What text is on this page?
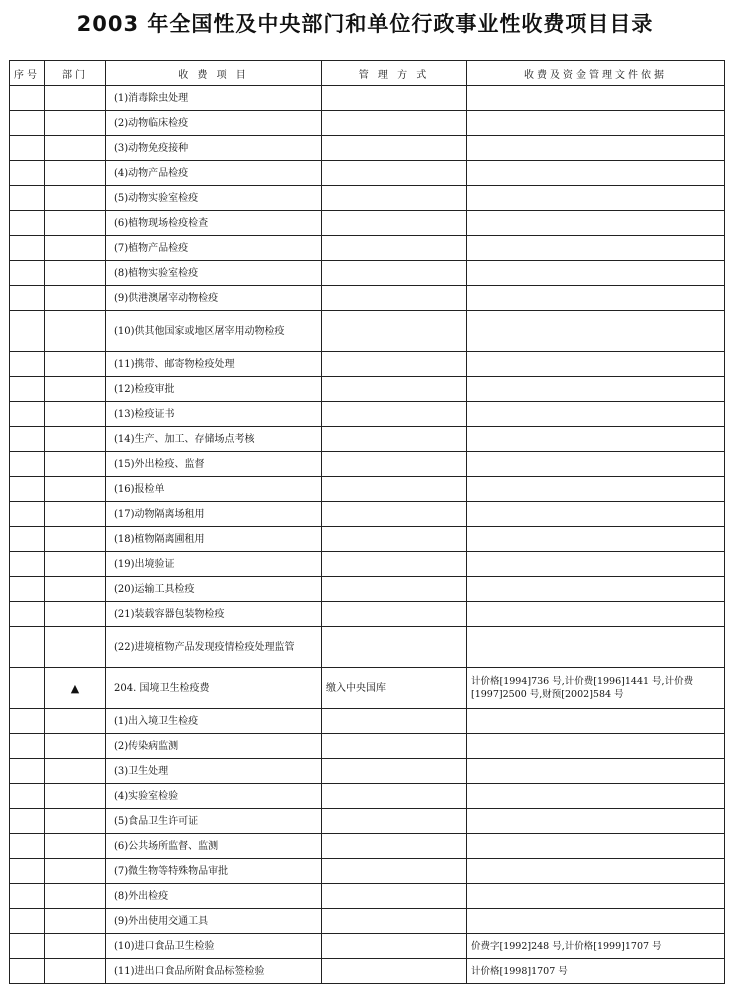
2003 年全国性及中央部门和单位行政事业性收费项目目录
序号	部门	收 费 项 目	管 理 方 式	收费及资金管理文件依据
		(1)消毒除虫处理		
		(2)动物临床检疫		
		(3)动物免疫接种		
		(4)动物产品检疫		
		(5)动物实验室检疫		
		(6)植物现场检疫检查		
		(7)植物产品检疫		
		(8)植物实验室检疫		
		(9)供港澳屠宰动物检疫		
		(10)供其他国家或地区屠宰用动物检疫		
		(11)携带、邮寄物检疫处理		
		(12)检疫审批		
		(13)检疫证书		
		(14)生产、加工、存储场点考核		
		(15)外出检疫、监督		
		(16)报检单		
		(17)动物隔离场租用		
		(18)植物隔离圃租用		
		(19)出境验证		
		(20)运输工具检疫		
		(21)装载容器包装物检疫		
		(22)进境植物产品发现疫情检疫处理监管		
	▲	204. 国境卫生检疫费	缴入中央国库	计价格[1994]736 号,计价费[1996]1441 号,计价费[1997]2500 号,财预[2002]584 号
		(1)出入境卫生检疫		
		(2)传染病监测		
		(3)卫生处理		
		(4)实验室检验		
		(5)食品卫生许可证		
		(6)公共场所监督、监测		
		(7)微生物等特殊物品审批		
		(8)外出检疫		
		(9)外出使用交通工具		
		(10)进口食品卫生检验		价费字[1992]248 号,计价格[1999]1707 号
		(11)进出口食品所附食品标签检验		计价格[1998]1707 号
